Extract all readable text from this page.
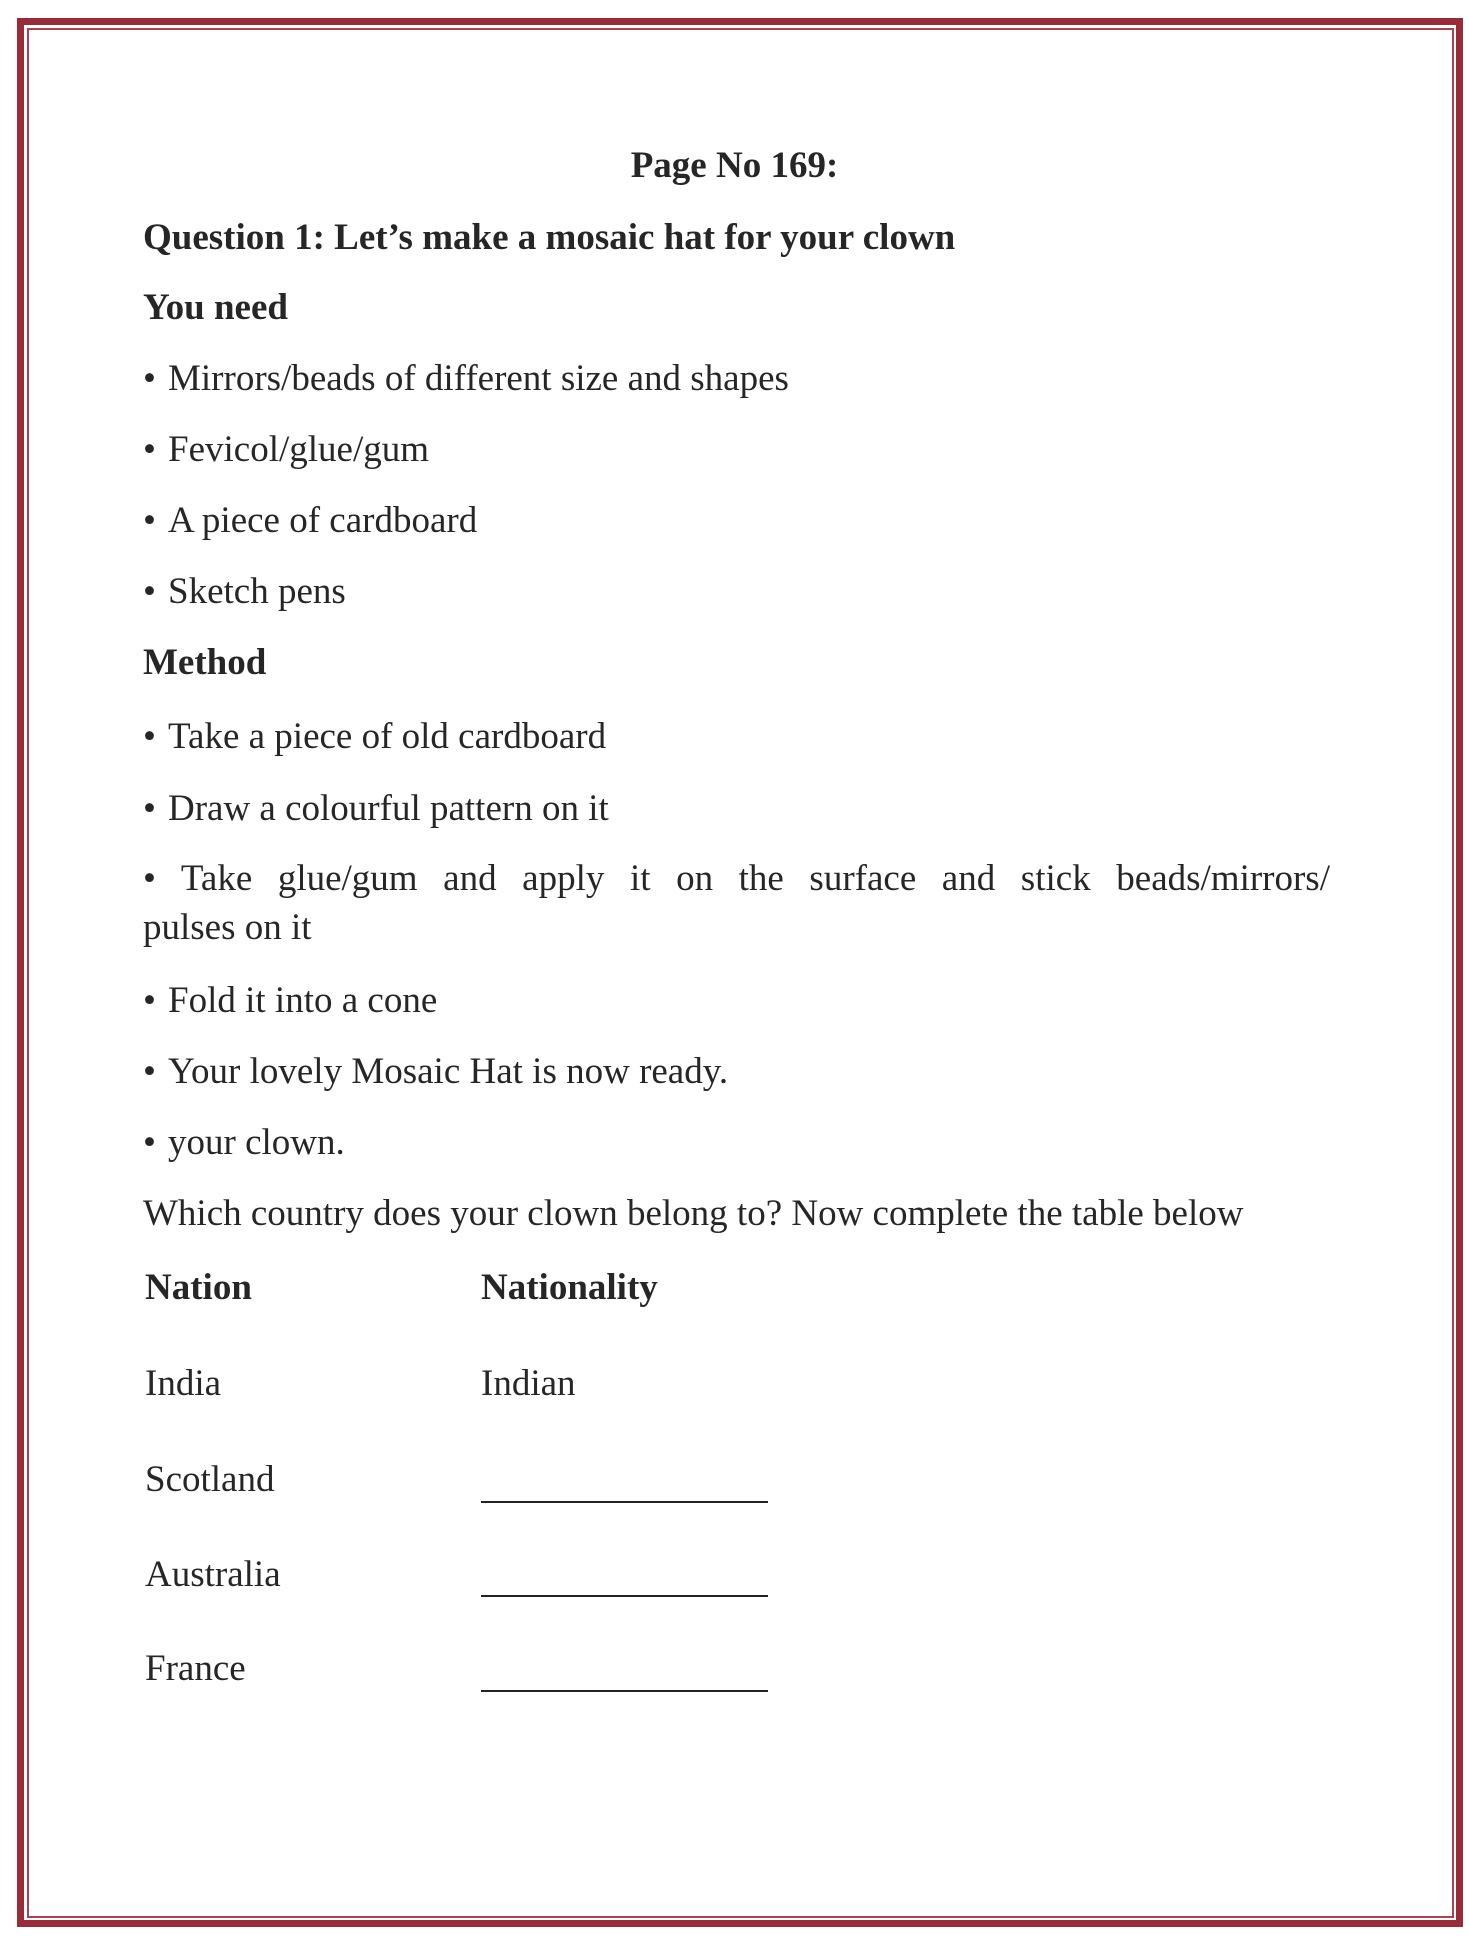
Page No 169:
Question 1: Let’s make a mosaic hat for your clown
You need
• Mirrors/beads of different size and shapes
• Fevicol/glue/gum
• A piece of cardboard
• Sketch pens
Method
• Take a piece of old cardboard
• Draw a colourful pattern on it
• Take glue/gum and apply it on the surface and stick beads/mirrors/
pulses on it
• Fold it into a cone
• Your lovely Mosaic Hat is now ready.
• your clown.
Which country does your clown belong to? Now complete the table below
Nation	Nationality
India	Indian
Scotland
Australia
France
